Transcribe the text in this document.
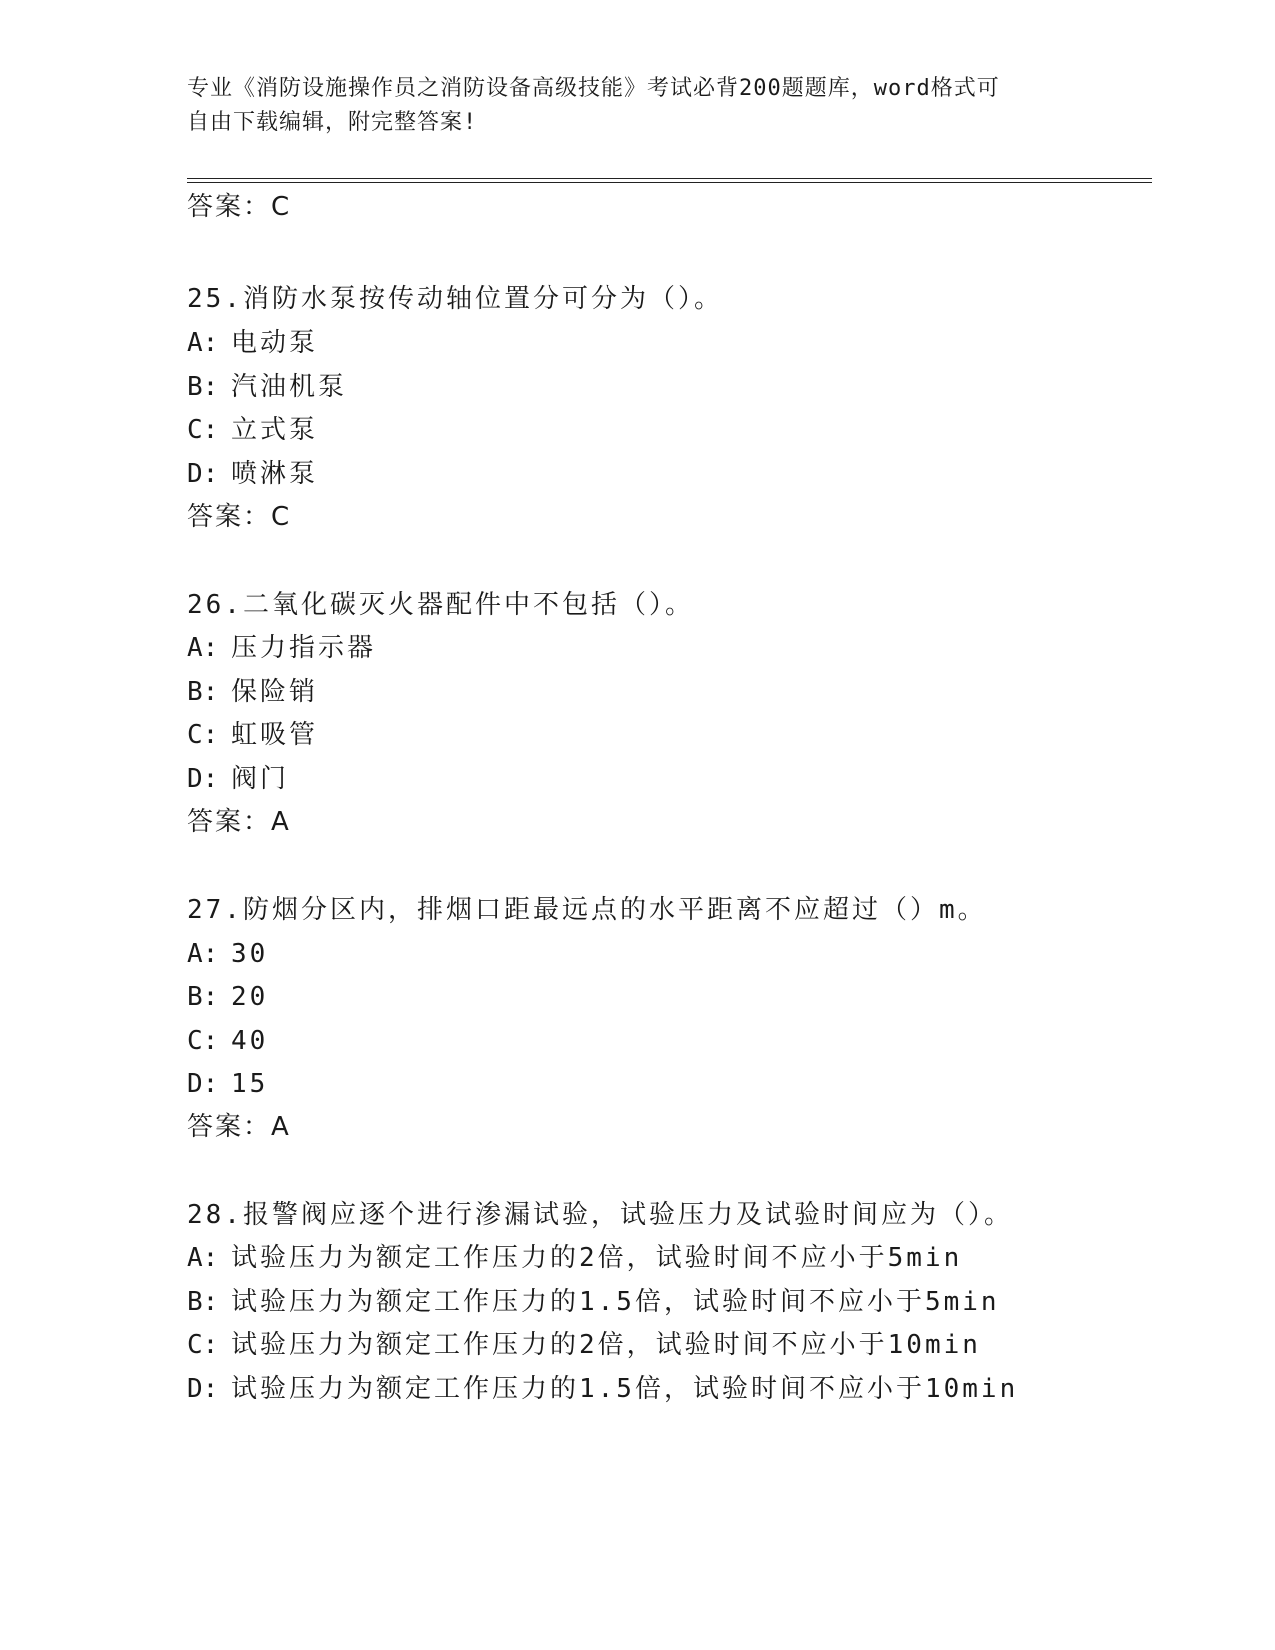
专业《消防设施操作员之消防设备高级技能》考试必背200题题库，word格式可
自由下载编辑，附完整答案!
答案：C
25.消防水泵按传动轴位置分可分为（）。
A: 电动泵
B: 汽油机泵
C: 立式泵
D: 喷淋泵
答案：C
26.二氧化碳灭火器配件中不包括（）。
A: 压力指示器
B: 保险销
C: 虹吸管
D: 阀门
答案：A
27.防烟分区内，排烟口距最远点的水平距离不应超过（）m。
A: 30
B: 20
C: 40
D: 15
答案：A
28.报警阀应逐个进行渗漏试验，试验压力及试验时间应为（）。
A: 试验压力为额定工作压力的2倍，试验时间不应小于5min
B: 试验压力为额定工作压力的1.5倍，试验时间不应小于5min
C: 试验压力为额定工作压力的2倍，试验时间不应小于10min
D: 试验压力为额定工作压力的1.5倍，试验时间不应小于10min
